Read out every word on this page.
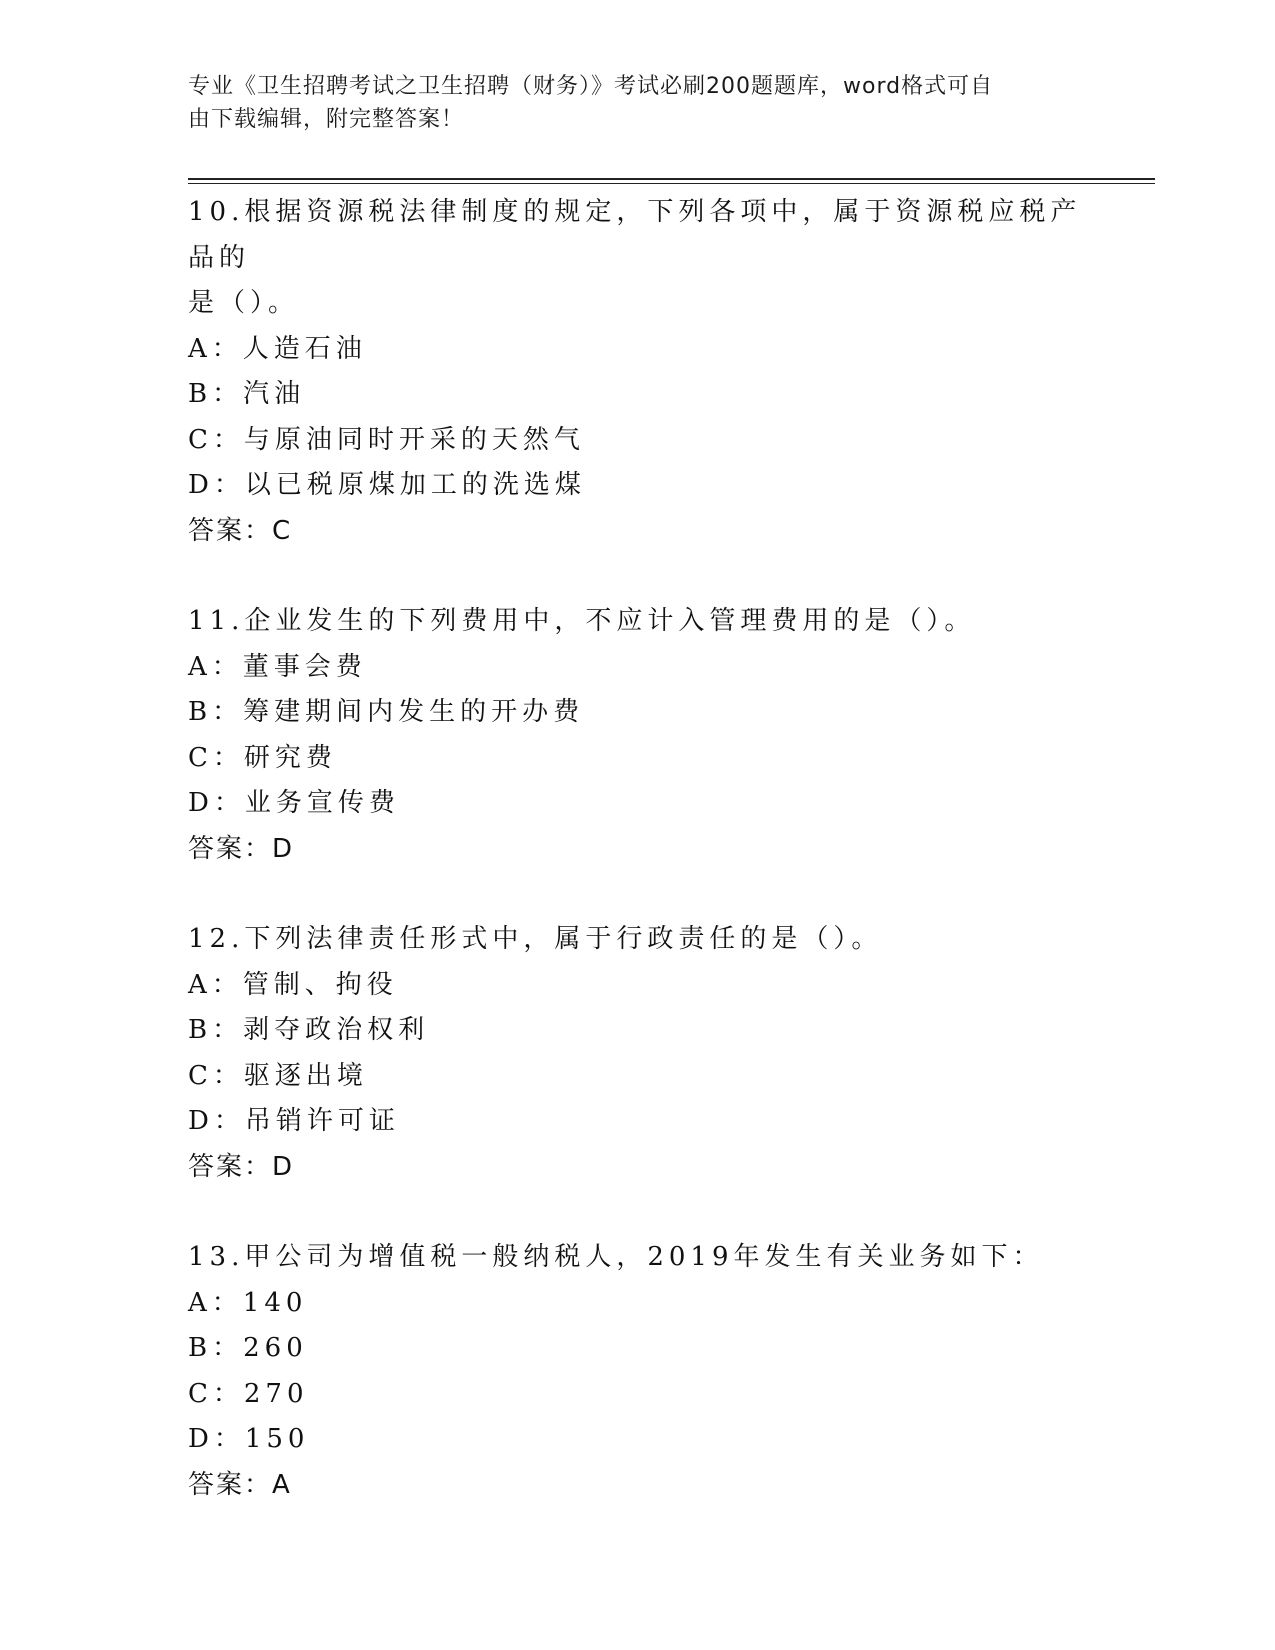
专业《卫生招聘考试之卫生招聘（财务）》考试必刷200题题库，word格式可自
由下载编辑，附完整答案！
10.根据资源税法律制度的规定，下列各项中，属于资源税应税产品的
是（）。
A：人造石油
B：汽油
C：与原油同时开采的天然气
D：以已税原煤加工的洗选煤
答案：C
11.企业发生的下列费用中，不应计入管理费用的是（）。
A：董事会费
B：筹建期间内发生的开办费
C：研究费
D：业务宣传费
答案：D
12.下列法律责任形式中，属于行政责任的是（）。
A：管制、拘役
B：剥夺政治权利
C：驱逐出境
D：吊销许可证
答案：D
13.甲公司为增值税一般纳税人，2019年发生有关业务如下：
A：140
B：260
C：270
D：150
答案：A
